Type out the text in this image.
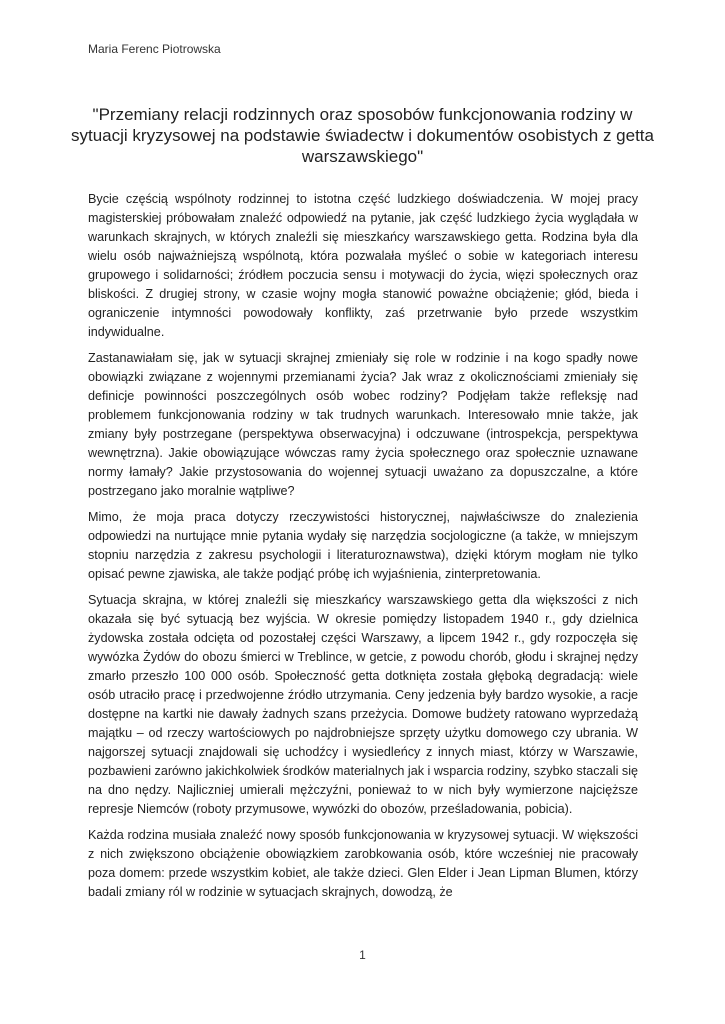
Maria Ferenc Piotrowska
"Przemiany relacji rodzinnych oraz sposobów funkcjonowania rodziny w sytuacji kryzysowej na podstawie świadectw i dokumentów osobistych z getta warszawskiego"

Bycie częścią wspólnoty rodzinnej to istotna część ludzkiego doświadczenia. W mojej pracy magisterskiej próbowałam znaleźć odpowiedź na pytanie, jak część ludzkiego życia wyglądała w warunkach skrajnych, w których znaleźli się mieszkańcy warszawskiego getta. Rodzina była dla wielu osób najważniejszą wspólnotą, która pozwalała myśleć o sobie w kategoriach interesu grupowego i solidarności; źródłem poczucia sensu i motywacji do życia, więzi społecznych oraz bliskości. Z drugiej strony, w czasie wojny mogła stanowić poważne obciążenie; głód, bieda i ograniczenie intymności powodowały konflikty, zaś przetrwanie było przede wszystkim indywidualne.

Zastanawiałam się, jak w sytuacji skrajnej zmieniały się role w rodzinie i na kogo spadły nowe obowiązki związane z wojennymi przemianami życia? Jak wraz z okolicznościami zmieniały się definicje powinności poszczególnych osób wobec rodziny? Podjęłam także refleksję nad problemem funkcjonowania rodziny w tak trudnych warunkach. Interesowało mnie także, jak zmiany były postrzegane (perspektywa obserwacyjna) i odczuwane (introspekcja, perspektywa wewnętrzna). Jakie obowiązujące wówczas ramy życia społecznego oraz społecznie uznawane normy łamały? Jakie przystosowania do wojennej sytuacji uważano za dopuszczalne, a które postrzegano jako moralnie wątpliwe?

Mimo, że moja praca dotyczy rzeczywistości historycznej, najwłaściwsze do znalezienia odpowiedzi na nurtujące mnie pytania wydały się narzędzia socjologiczne (a także, w mniejszym stopniu narzędzia z zakresu psychologii i literaturoznawstwa), dzięki którym mogłam nie tylko opisać pewne zjawiska, ale także podjąć próbę ich wyjaśnienia, zinterpretowania.

Sytuacja skrajna, w której znaleźli się mieszkańcy warszawskiego getta dla większości z nich okazała się być sytuacją bez wyjścia. W okresie pomiędzy listopadem 1940 r., gdy dzielnica żydowska została odcięta od pozostałej części Warszawy, a lipcem 1942 r., gdy rozpoczęła się wywózka Żydów do obozu śmierci w Treblince, w getcie, z powodu chorób, głodu i skrajnej nędzy zmarło przeszło 100 000 osób. Społeczność getta dotknięta została głęboką degradacją: wiele osób utraciło pracę i przedwojenne źródło utrzymania. Ceny jedzenia były bardzo wysokie, a racje dostępne na kartki nie dawały żadnych szans przeżycia. Domowe budżety ratowano wyprzedażą majątku – od rzeczy wartościowych po najdrobniejsze sprzęty użytku domowego czy ubrania. W najgorszej sytuacji znajdowali się uchodźcy i wysiedleńcy z innych miast, którzy w Warszawie, pozbawieni zarówno jakichkolwiek środków materialnych jak i wsparcia rodziny, szybko staczali się na dno nędzy. Najliczniej umierali mężczyźni, ponieważ to w nich były wymierzone najcięższe represje Niemców (roboty przymusowe, wywózki do obozów, prześladowania, pobicia).

Każda rodzina musiała znaleźć nowy sposób funkcjonowania w kryzysowej sytuacji. W większości z nich zwiększono obciążenie obowiązkiem zarobkowania osób, które wcześniej nie pracowały poza domem: przede wszystkim kobiet, ale także dzieci. Glen Elder i Jean Lipman Blumen, którzy badali zmiany ról w rodzinie w sytuacjach skrajnych, dowodzą, że

1
